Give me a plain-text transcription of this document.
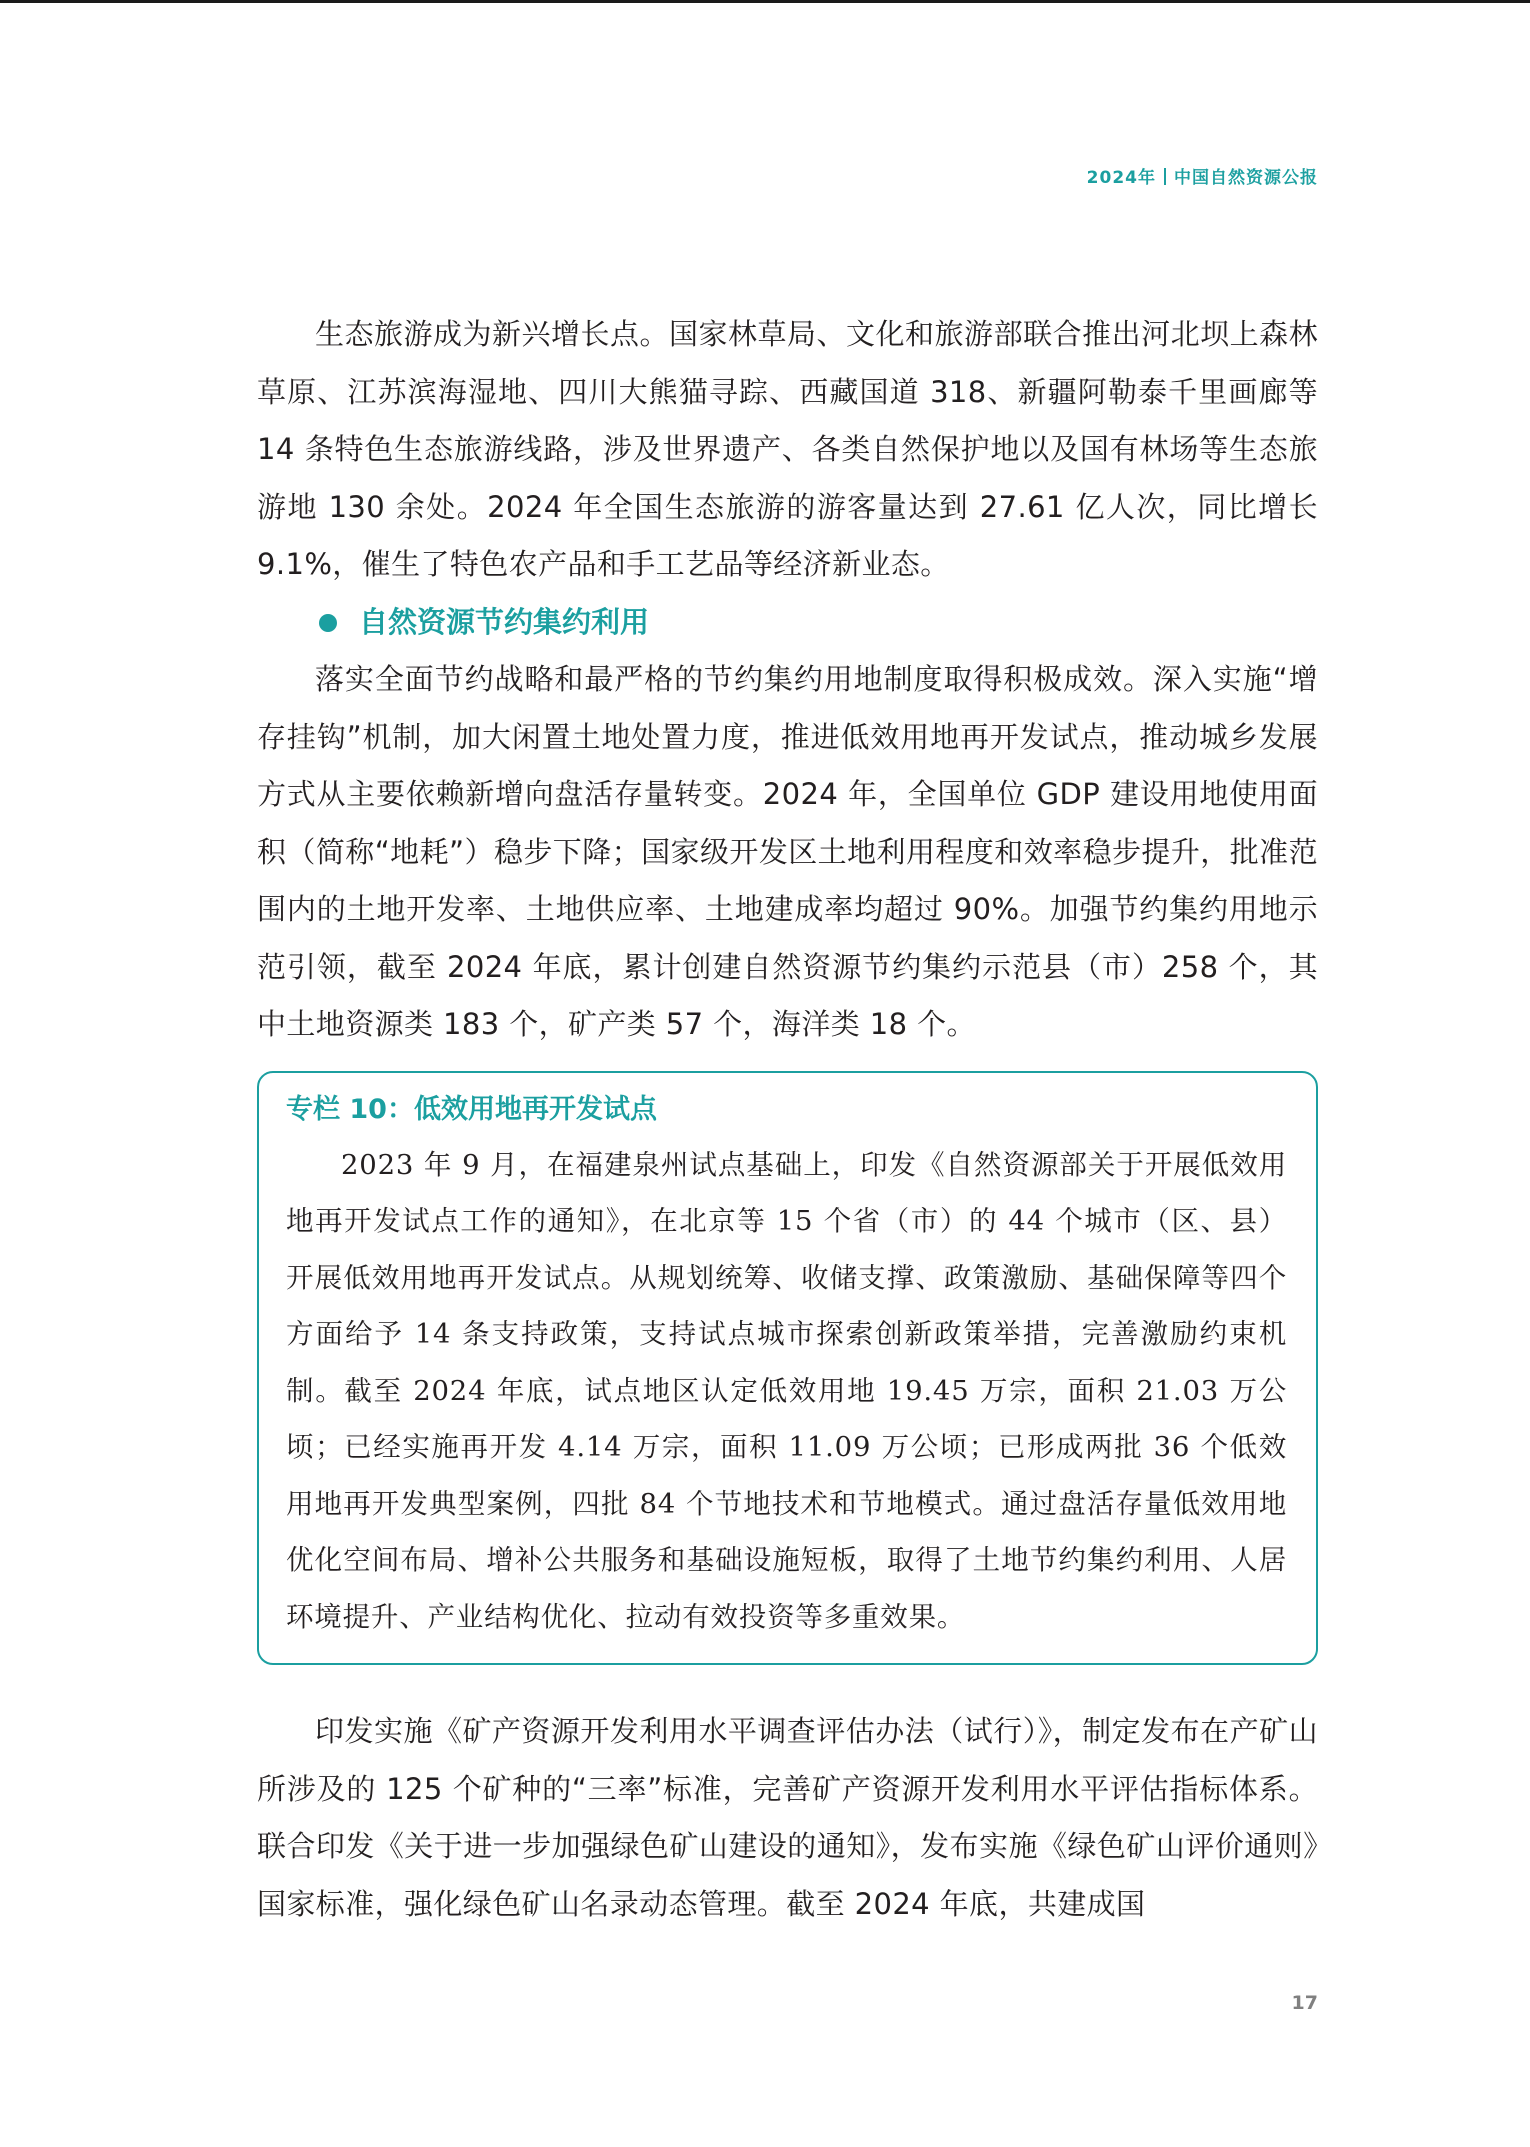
2024年 中国自然资源公报

生态旅游成为新兴增长点。国家林草局、文化和旅游部联合推出河北坝上森林草原、江苏滨海湿地、四川大熊猫寻踪、西藏国道 318、新疆阿勒泰千里画廊等 14 条特色生态旅游线路，涉及世界遗产、各类自然保护地以及国有林场等生态旅游地 130 余处。2024 年全国生态旅游的游客量达到 27.61 亿人次，同比增长 9.1%，催生了特色农产品和手工艺品等经济新业态。

自然资源节约集约利用

落实全面节约战略和最严格的节约集约用地制度取得积极成效。深入实施“增存挂钩”机制，加大闲置土地处置力度，推进低效用地再开发试点，推动城乡发展方式从主要依赖新增向盘活存量转变。2024 年，全国单位 GDP 建设用地使用面积（简称“地耗”）稳步下降；国家级开发区土地利用程度和效率稳步提升，批准范围内的土地开发率、土地供应率、土地建成率均超过 90%。加强节约集约用地示范引领，截至 2024 年底，累计创建自然资源节约集约示范县（市）258 个，其中土地资源类 183 个，矿产类 57 个，海洋类 18 个。

专栏 10：低效用地再开发试点

2023 年 9 月，在福建泉州试点基础上，印发《自然资源部关于开展低效用地再开发试点工作的通知》，在北京等 15 个省（市）的 44 个城市（区、县）开展低效用地再开发试点。从规划统筹、收储支撑、政策激励、基础保障等四个方面给予 14 条支持政策，支持试点城市探索创新政策举措，完善激励约束机制。截至 2024 年底，试点地区认定低效用地 19.45 万宗，面积 21.03 万公顷；已经实施再开发 4.14 万宗，面积 11.09 万公顷；已形成两批 36 个低效用地再开发典型案例，四批 84 个节地技术和节地模式。通过盘活存量低效用地优化空间布局、增补公共服务和基础设施短板，取得了土地节约集约利用、人居环境提升、产业结构优化、拉动有效投资等多重效果。

印发实施《矿产资源开发利用水平调查评估办法（试行）》，制定发布在产矿山所涉及的 125 个矿种的“三率”标准，完善矿产资源开发利用水平评估指标体系。联合印发《关于进一步加强绿色矿山建设的通知》，发布实施《绿色矿山评价通则》国家标准，强化绿色矿山名录动态管理。截至 2024 年底，共建成国

17
